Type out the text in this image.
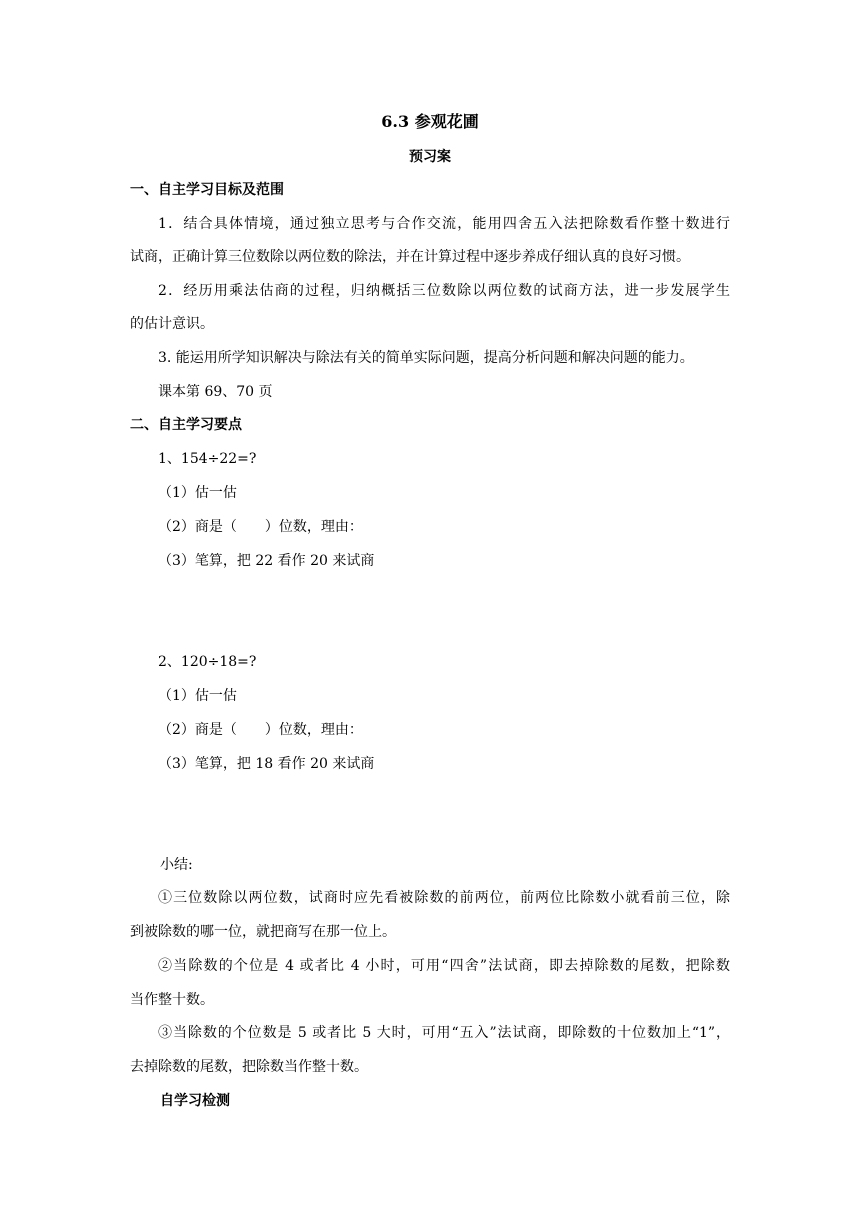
6.3 参观花圃
预习案
一、自主学习目标及范围
1．结合具体情境，通过独立思考与合作交流，能用四舍五入法把除数看作整十数进行
试商，正确计算三位数除以两位数的除法，并在计算过程中逐步养成仔细认真的良好习惯。
2．经历用乘法估商的过程，归纳概括三位数除以两位数的试商方法，进一步发展学生
的估计意识。
3. 能运用所学知识解决与除法有关的简单实际问题，提高分析问题和解决问题的能力。
课本第 69、70 页
二、自主学习要点
1、154÷22=?
（1）估一估
（2）商是（　　）位数，理由：
（3）笔算，把 22 看作 20 来试商
2、120÷18=?
（1）估一估
（2）商是（　　）位数，理由：
（3）笔算，把 18 看作 20 来试商
小结:
①三位数除以两位数，试商时应先看被除数的前两位，前两位比除数小就看前三位，除
到被除数的哪一位，就把商写在那一位上。
②当除数的个位是 4 或者比 4 小时，可用“四舍”法试商，即去掉除数的尾数，把除数
当作整十数。
③当除数的个位数是 5 或者比 5 大时，可用“五入”法试商，即除数的十位数加上“1”，
去掉除数的尾数，把除数当作整十数。
自学习检测
